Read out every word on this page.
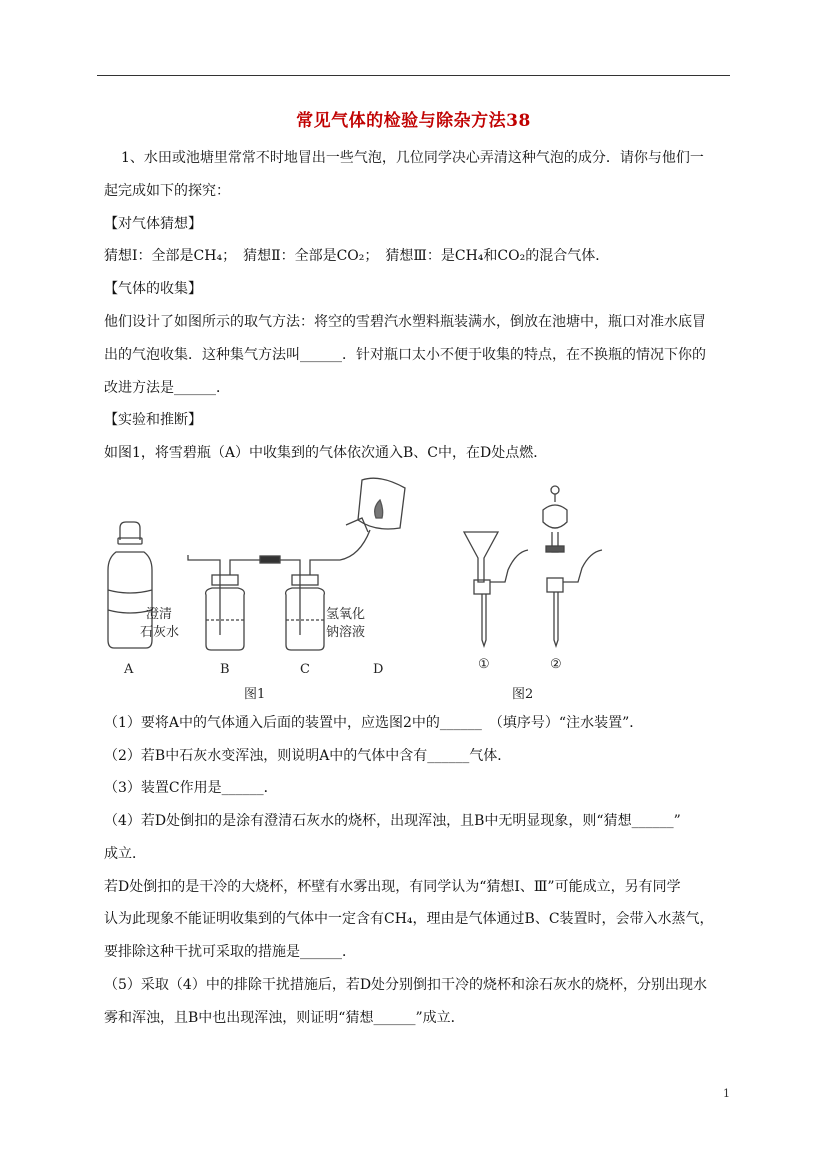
常见气体的检验与除杂方法38
1、水田或池塘里常常不时地冒出一些气泡，几位同学决心弄清这种气泡的成分．请你与他们一
起完成如下的探究：
【对气体猜想】
猜想Ⅰ：全部是CH₄；　猜想Ⅱ：全部是CO₂；　猜想Ⅲ：是CH₄和CO₂的混合气体．
【气体的收集】
他们设计了如图所示的取气方法：将空的雪碧汽水塑料瓶装满水，倒放在池塘中，瓶口对准水底冒
出的气泡收集．这种集气方法叫______．针对瓶口太小不便于收集的特点，在不换瓶的情况下你的
改进方法是______．
【实验和推断】
如图1，将雪碧瓶（A）中收集到的气体依次通入B、C中，在D处点燃．
澄清
石灰水
氢氧化
钠溶液
A	B	C	D
图1
①	②
图2
（1）要将A中的气体通入后面的装置中，应选图2中的______　（填序号）“注水装置”．
（2）若B中石灰水变浑浊，则说明A中的气体中含有______气体．
（3）装置C作用是______．
（4）若D处倒扣的是涂有澄清石灰水的烧杯，出现浑浊，且B中无明显现象，则“猜想______”
成立．
若D处倒扣的是干冷的大烧杯，杯壁有水雾出现，有同学认为“猜想Ⅰ、Ⅲ”可能成立，另有同学
认为此现象不能证明收集到的气体中一定含有CH₄，理由是气体通过B、C装置时，会带入水蒸气，
要排除这种干扰可采取的措施是______．
（5）采取（4）中的排除干扰措施后，若D处分别倒扣干冷的烧杯和涂石灰水的烧杯，分别出现水
雾和浑浊，且B中也出现浑浊，则证明“猜想______”成立．
1
